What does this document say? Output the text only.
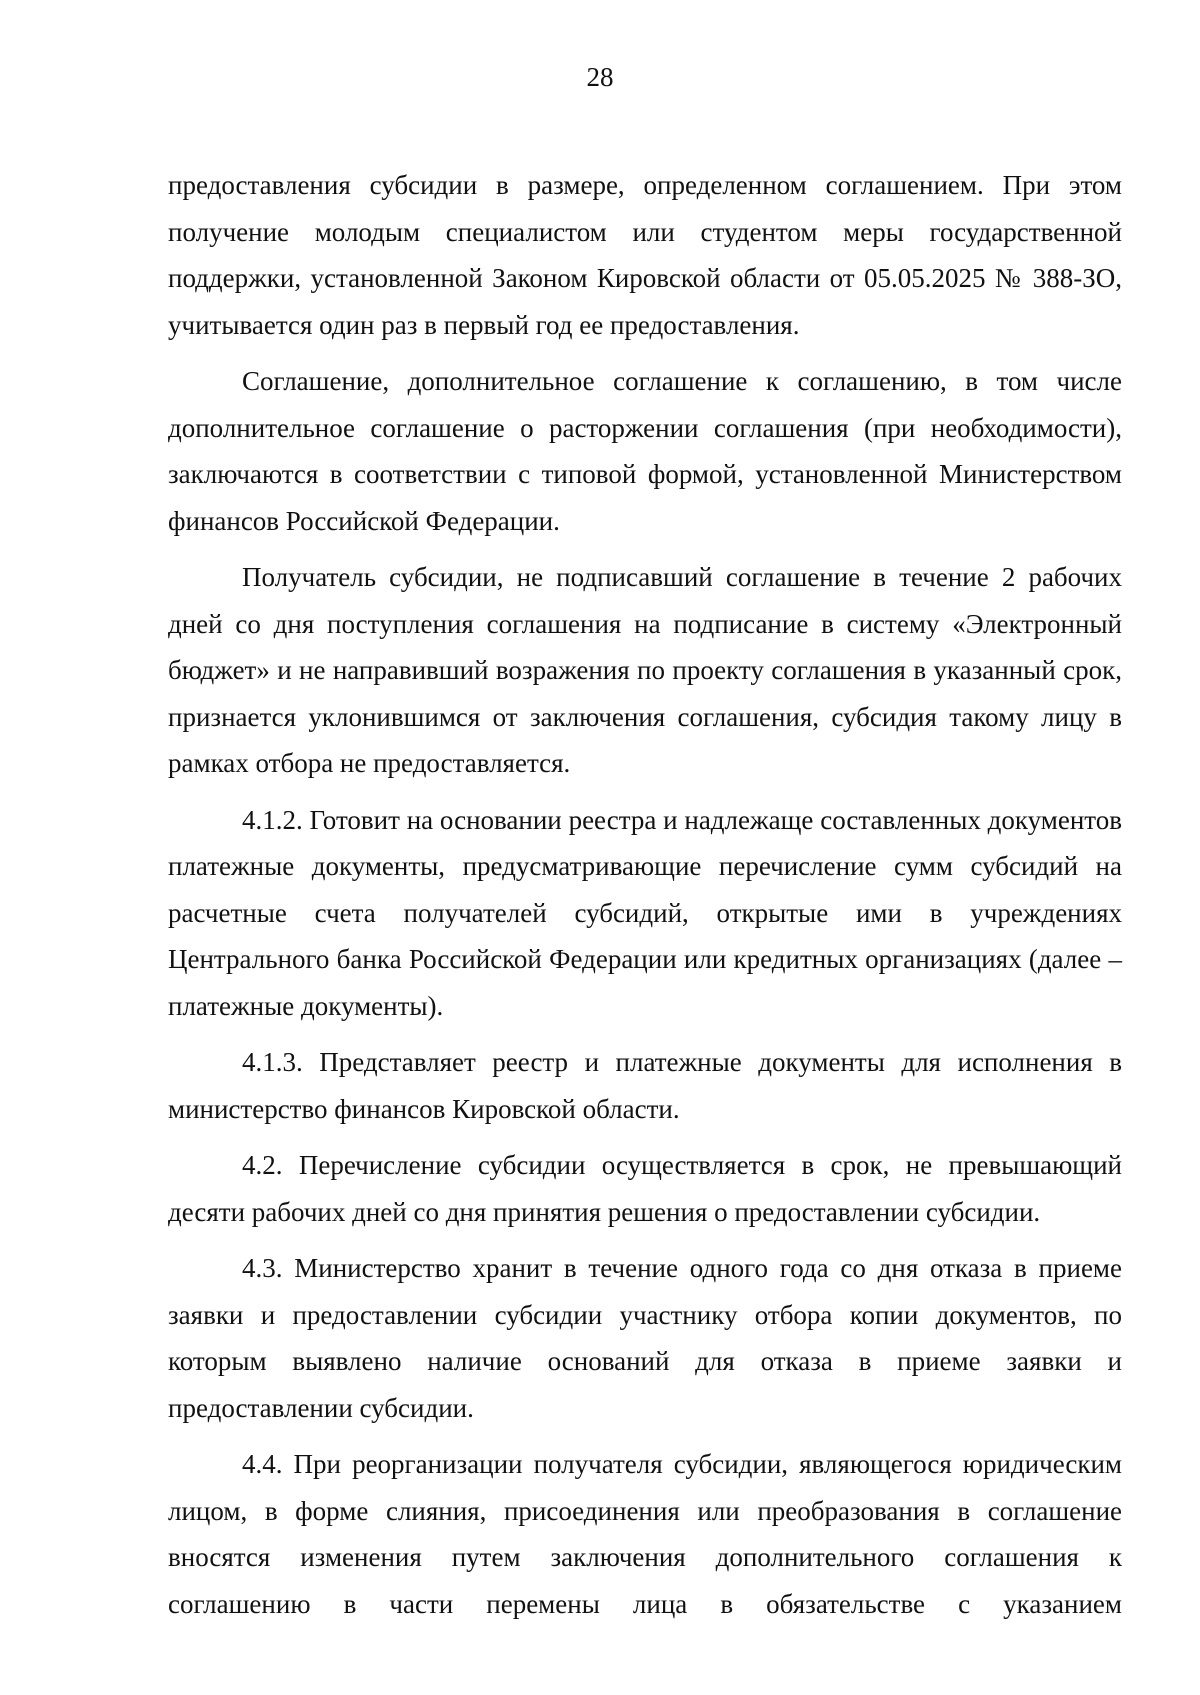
28

предоставления субсидии в размере, определенном соглашением. При этом получение молодым специалистом или студентом меры государственной поддержки, установленной Законом Кировской области от 05.05.2025 № 388-ЗО, учитывается один раз в первый год ее предоставления.

Соглашение, дополнительное соглашение к соглашению, в том числе дополнительное соглашение о расторжении соглашения (при необходимости), заключаются в соответствии с типовой формой, установленной Министерством финансов Российской Федерации.

Получатель субсидии, не подписавший соглашение в течение 2 рабочих дней со дня поступления соглашения на подписание в систему «Электронный бюджет» и не направивший возражения по проекту соглашения в указанный срок, признается уклонившимся от заключения соглашения, субсидия такому лицу в рамках отбора не предоставляется.

4.1.2. Готовит на основании реестра и надлежаще составленных документов платежные документы, предусматривающие перечисление сумм субсидий на расчетные счета получателей субсидий, открытые ими в учреждениях Центрального банка Российской Федерации или кредитных организациях (далее – платежные документы).

4.1.3. Представляет реестр и платежные документы для исполнения в министерство финансов Кировской области.

4.2. Перечисление субсидии осуществляется в срок, не превышающий десяти рабочих дней со дня принятия решения о предоставлении субсидии.

4.3. Министерство хранит в течение одного года со дня отказа в приеме заявки и предоставлении субсидии участнику отбора копии документов, по которым выявлено наличие оснований для отказа в приеме заявки и предоставлении субсидии.

4.4. При реорганизации получателя субсидии, являющегося юридическим лицом, в форме слияния, присоединения или преобразования в соглашение вносятся изменения путем заключения дополнительного соглашения к соглашению в части перемены лица в обязательстве с указанием
